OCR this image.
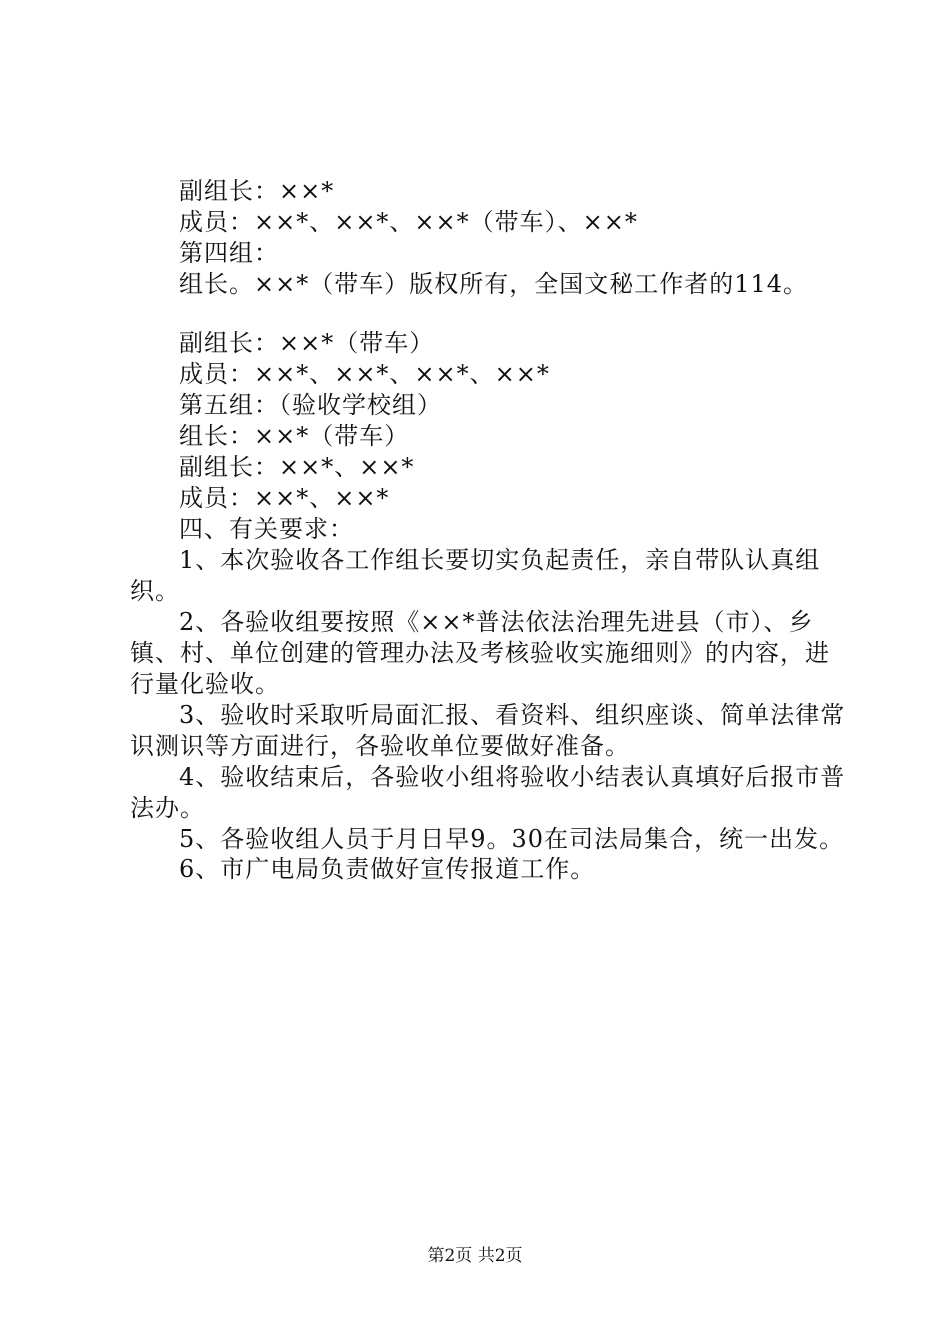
副组长：××*
成员：××*、××*、××*（带车）、××*
第四组：
组长。××*（带车）版权所有，全国文秘工作者的114。
副组长：××*（带车）
成员：××*、××*、××*、××*
第五组：（验收学校组）
组长：××*（带车）
副组长：××*、××*
成员：××*、××*
四、有关要求：
1、本次验收各工作组长要切实负起责任，亲自带队认真组织。
2、各验收组要按照《××*普法依法治理先进县（市）、乡镇、村、单位创建的管理办法及考核验收实施细则》的内容，进行量化验收。
3、验收时采取听局面汇报、看资料、组织座谈、简单法律常识测识等方面进行，各验收单位要做好准备。
4、验收结束后，各验收小组将验收小结表认真填好后报市普法办。
5、各验收组人员于月日早9。30在司法局集合，统一出发。
6、市广电局负责做好宣传报道工作。
第2页 共2页
